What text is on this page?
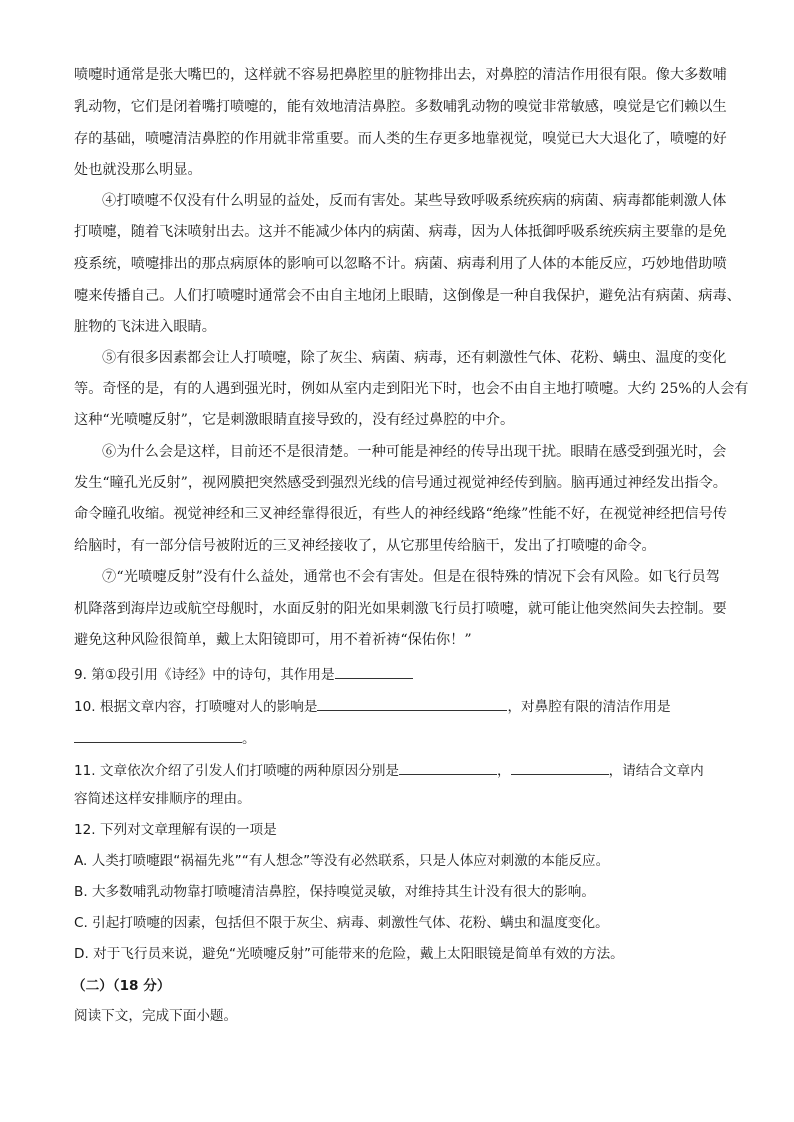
喷嚏时通常是张大嘴巴的，这样就不容易把鼻腔里的脏物排出去，对鼻腔的清洁作用很有限。像大多数哺
乳动物，它们是闭着嘴打喷嚏的，能有效地清洁鼻腔。多数哺乳动物的嗅觉非常敏感，嗅觉是它们赖以生
存的基础，喷嚏清洁鼻腔的作用就非常重要。而人类的生存更多地靠视觉，嗅觉已大大退化了，喷嚏的好
处也就没那么明显。
④打喷嚏不仅没有什么明显的益处，反而有害处。某些导致呼吸系统疾病的病菌、病毒都能刺激人体
打喷嚏，随着飞沫喷射出去。这并不能减少体内的病菌、病毒，因为人体抵御呼吸系统疾病主要靠的是免
疫系统，喷嚏排出的那点病原体的影响可以忽略不计。病菌、病毒利用了人体的本能反应，巧妙地借助喷
嚏来传播自己。人们打喷嚏时通常会不由自主地闭上眼睛，这倒像是一种自我保护，避免沾有病菌、病毒、
脏物的飞沫进入眼睛。
⑤有很多因素都会让人打喷嚏，除了灰尘、病菌、病毒，还有刺激性气体、花粉、螨虫、温度的变化
等。奇怪的是，有的人遇到强光时，例如从室内走到阳光下时，也会不由自主地打喷嚏。大约 25%的人会有
这种“光喷嚏反射”，它是刺激眼睛直接导致的，没有经过鼻腔的中介。
⑥为什么会是这样，目前还不是很清楚。一种可能是神经的传导出现干扰。眼睛在感受到强光时，会
发生“瞳孔光反射”，视网膜把突然感受到强烈光线的信号通过视觉神经传到脑。脑再通过神经发出指令。
命令瞳孔收缩。视觉神经和三叉神经靠得很近，有些人的神经线路“绝缘”性能不好，在视觉神经把信号传
给脑时，有一部分信号被附近的三叉神经接收了，从它那里传给脑干，发出了打喷嚏的命令。
⑦“光喷嚏反射”没有什么益处，通常也不会有害处。但是在很特殊的情况下会有风险。如飞行员驾
机降落到海岸边或航空母舰时，水面反射的阳光如果刺激飞行员打喷嚏，就可能让他突然间失去控制。要
避免这种风险很简单，戴上太阳镜即可，用不着祈祷“保佑你！”
9. 第①段引用《诗经》中的诗句，其作用是
10. 根据文章内容，打喷嚏对人的影响是	，对鼻腔有限的清洁作用是
。
11. 文章依次介绍了引发人们打喷嚏的两种原因分别是	，	，请结合文章内
容简述这样安排顺序的理由。
12. 下列对文章理解有误的一项是
A. 人类打喷嚏跟“祸福先兆”“有人想念”等没有必然联系，只是人体应对刺激的本能反应。
B. 大多数哺乳动物靠打喷嚏清洁鼻腔，保持嗅觉灵敏，对维持其生计没有很大的影响。
C. 引起打喷嚏的因素，包括但不限于灰尘、病毒、刺激性气体、花粉、螨虫和温度变化。
D. 对于飞行员来说，避免“光喷嚏反射”可能带来的危险，戴上太阳眼镜是简单有效的方法。
（二）（18 分）
阅读下文，完成下面小题。
